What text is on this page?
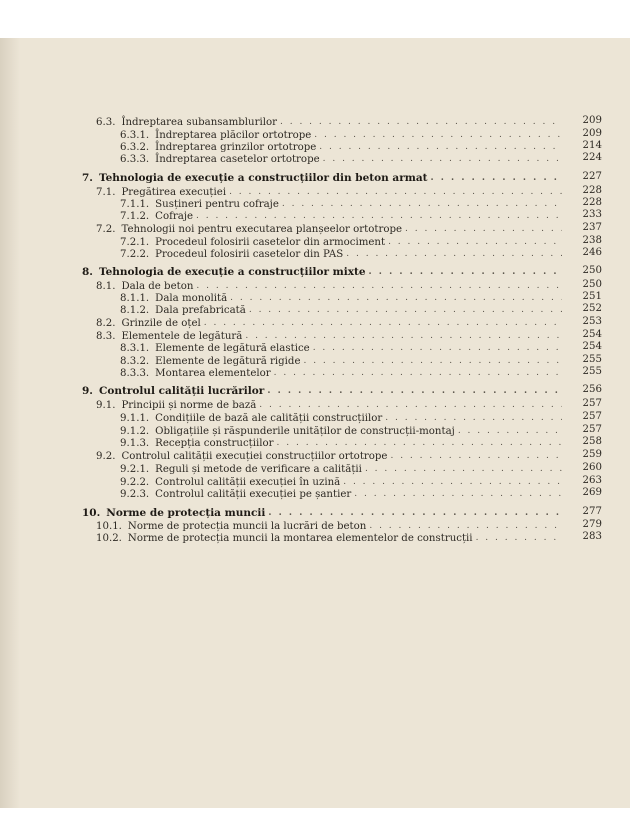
6.3. Îndreptarea subansamblurilor . . .	209
6.3.1. Îndreptarea plăcilor ortotrope . . .	209
6.3.2. Îndreptarea grinzilor ortotrope . . .	214
6.3.3. Îndreptarea casetelor ortotrope . . .	224
7. Tehnologia de execuție a construcțiilor din beton armat . . .	227
7.1. Pregătirea execuției . . .	228
7.1.1. Susțineri pentru cofraje . . .	228
7.1.2. Cofraje . . .	233
7.2. Tehnologii noi pentru executarea planșeelor ortotrope . . .	237
7.2.1. Procedeul folosirii casetelor din armociment . . .	238
7.2.2. Procedeul folosirii casetelor din PAS . . .	246
8. Tehnologia de execuție a construcțiilor mixte . . .	250
8.1. Dala de beton . . .	250
8.1.1. Dala monolită . . .	251
8.1.2. Dala prefabricată . . .	252
8.2. Grinzile de oțel . . .	253
8.3. Elementele de legătură . . .	254
8.3.1. Elemente de legătură elastice . . .	254
8.3.2. Elemente de legătură rigide . . .	255
8.3.3. Montarea elementelor . . .	255
9. Controlul calității lucrărilor . . .	256
9.1. Principii și norme de bază . . .	257
9.1.1. Condițiile de bază ale calității construcțiilor . . .	257
9.1.2. Obligațiile și răspunderile unităților de construcții-montaj . . .	257
9.1.3. Recepția construcțiilor . . .	258
9.2. Controlul calității execuției construcțiilor ortotrope . . .	259
9.2.1. Reguli și metode de verificare a calității . . .	260
9.2.2. Controlul calității execuției în uzină . . .	263
9.2.3. Controlul calității execuției pe șantier . . .	269
10. Norme de protecția muncii . . .	277
10.1. Norme de protecția muncii la lucrări de beton . . .	279
10.2. Norme de protecția muncii la montarea elementelor de construcții . . .	283
